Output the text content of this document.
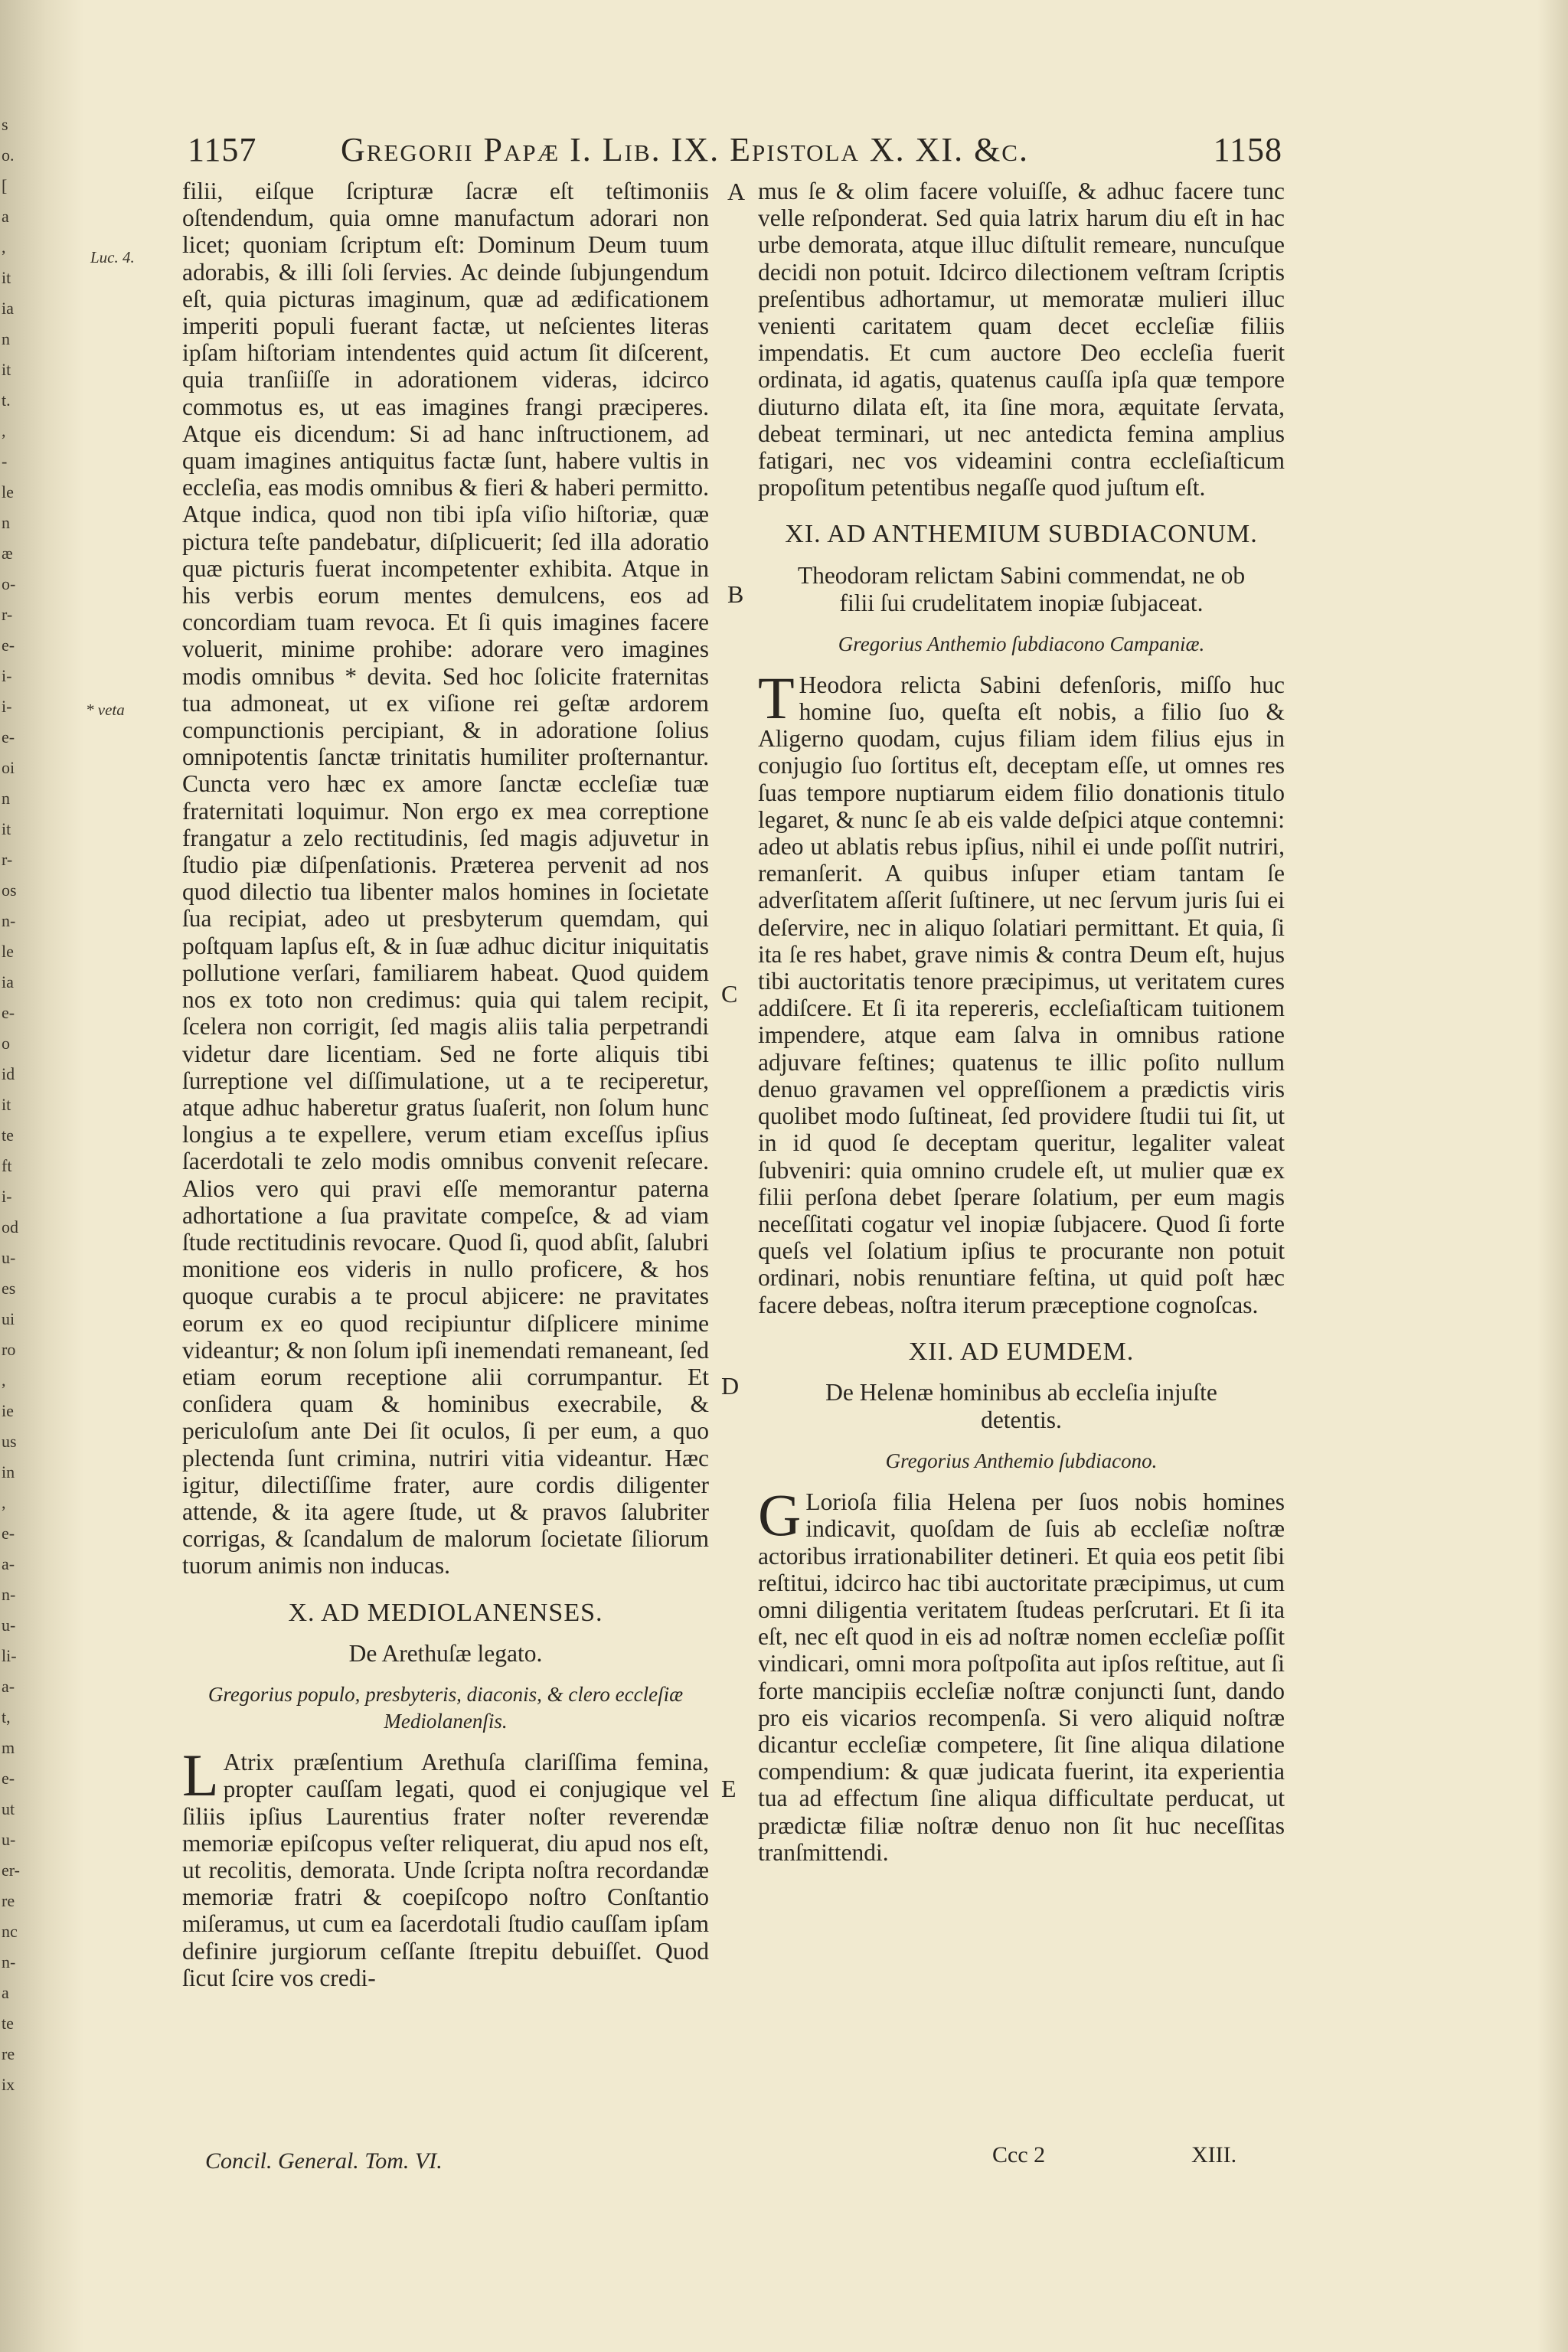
s
o.
[
a
,
it
ia
n
it
t.
,
-
le
n
æ
o-
r-
e-
i-
i-
e-
oi
n
it
r-
os
n-
le
ia
e-
o
id
it
te
ft
i-
od
u-
es
ui
ro
,
ie
us
in
,
e-
a-
n-
u-
li-
a-
t,
m
e-
ut
u-
er-
re
nc
n-
a
te
re
ix
1157 Gregorii Papæ I. Lib. IX. Epistola X. XI. &c.	1158
Luc. 4.
* veta
A
B
C
D
E

filii, eiſque ſcripturæ ſacræ eſt teſtimoniis oſtendendum, quia omne manufactum adorari non licet; quoniam ſcriptum eſt: Dominum Deum tuum adorabis, & illi ſoli ſervies. Ac deinde ſubjungendum eſt, quia picturas imaginum, quæ ad ædificationem imperiti populi fuerant factæ, ut neſcientes literas ipſam hiſtoriam intendentes quid actum ſit diſcerent, quia tranſiiſſe in adorationem videras, idcirco commotus es, ut eas imagines frangi præciperes. Atque eis dicendum: Si ad hanc inſtructionem, ad quam imagines antiquitus factæ ſunt, habere vultis in eccleſia, eas modis omnibus & fieri & haberi permitto. Atque indica, quod non tibi ipſa viſio hiſtoriæ, quæ pictura teſte pandebatur, diſplicuerit; ſed illa adoratio quæ picturis fuerat incompetenter exhibita. Atque in his verbis eorum mentes demulcens, eos ad concordiam tuam revoca. Et ſi quis imagines facere voluerit, minime prohibe: adorare vero imagines modis omnibus * devita. Sed hoc ſolicite fraternitas tua admoneat, ut ex viſione rei geſtæ ardorem compunctionis percipiant, & in adoratione ſolius omnipotentis ſanctæ trinitatis humiliter proſternantur. Cuncta vero hæc ex amore ſanctæ eccleſiæ tuæ fraternitati loquimur. Non ergo ex mea correptione frangatur a zelo rectitudinis, ſed magis adjuvetur in ſtudio piæ diſpenſationis. Præterea pervenit ad nos quod dilectio tua libenter malos homines in ſocietate ſua recipiat, adeo ut presbyterum quemdam, qui poſtquam lapſus eſt, & in ſuæ adhuc dicitur iniquitatis pollutione verſari, familiarem habeat. Quod quidem nos ex toto non credimus: quia qui talem recipit, ſcelera non corrigit, ſed magis aliis talia perpetrandi videtur dare licentiam. Sed ne forte aliquis tibi ſurreptione vel diſſimulatione, ut a te reciperetur, atque adhuc haberetur gratus ſuaſerit, non ſolum hunc longius a te expellere, verum etiam exceſſus ipſius ſacerdotali te zelo modis omnibus convenit reſecare. Alios vero qui pravi eſſe memorantur paterna adhortatione a ſua pravitate compeſce, & ad viam ſtude rectitudinis revocare. Quod ſi, quod abſit, ſalubri monitione eos videris in nullo proficere, & hos quoque curabis a te procul abjicere: ne pravitates eorum ex eo quod recipiuntur diſplicere minime videantur; & non ſolum ipſi inemendati remaneant, ſed etiam eorum receptione alii corrumpantur. Et conſidera quam & hominibus execrabile, & periculoſum ante Dei ſit oculos, ſi per eum, a quo plectenda ſunt crimina, nutriri vitia videantur. Hæc igitur, dilectiſſime frater, aure cordis diligenter attende, & ita agere ſtude, ut & pravos ſalubriter corrigas, & ſcandalum de malorum ſocietate ſiliorum tuorum animis non inducas.

X. AD MEDIOLANENSES.
De Arethuſæ legato.
Gregorius populo, presbyteris, diaconis, & clero eccleſiæ Mediolanenſis.

L Atrix præſentium Arethuſa clariſſima femina, propter cauſſam legati, quod ei conjugique vel ſiliis ipſius Laurentius frater noſter reverendæ memoriæ epiſcopus veſter reliquerat, diu apud nos eſt, ut recolitis, demorata. Unde ſcripta noſtra recordandæ memoriæ fratri & coepiſcopo noſtro Conſtantio miſeramus, ut cum ea ſacerdotali ſtudio cauſſam ipſam definire jurgiorum ceſſante ſtrepitu debuiſſet. Quod ſicut ſcire vos credi-

Concil. General. Tom. VI.

mus ſe & olim facere voluiſſe, & adhuc facere tunc velle reſponderat. Sed quia latrix harum diu eſt in hac urbe demorata, atque illuc diſtulit remeare, nuncuſque decidi non potuit. Idcirco dilectionem veſtram ſcriptis preſentibus adhortamur, ut memoratæ mulieri illuc venienti caritatem quam decet eccleſiæ filiis impendatis. Et cum auctore Deo eccleſia fuerit ordinata, id agatis, quatenus cauſſa ipſa quæ tempore diuturno dilata eſt, ita ſine mora, æquitate ſervata, debeat terminari, ut nec antedicta femina amplius fatigari, nec vos videamini contra eccleſiaſticum propoſitum petentibus negaſſe quod juſtum eſt.

XI. AD ANTHEMIUM SUBDIACONUM.
Theodoram relictam Sabini commendat, ne ob filii ſui crudelitatem inopiæ ſubjaceat.
Gregorius Anthemio ſubdiacono Campaniæ.

T Heodora relicta Sabini defenſoris, miſſo huc homine ſuo, queſta eſt nobis, a filio ſuo & Aligerno quodam, cujus filiam idem filius ejus in conjugio ſuo ſortitus eſt, deceptam eſſe, ut omnes res ſuas tempore nuptiarum eidem filio donationis titulo legaret, & nunc ſe ab eis valde deſpici atque contemni: adeo ut ablatis rebus ipſius, nihil ei unde poſſit nutriri, remanſerit. A quibus inſuper etiam tantam ſe adverſitatem aſſerit ſuſtinere, ut nec ſervum juris ſui ei deſervire, nec in aliquo ſolatiari permittant. Et quia, ſi ita ſe res habet, grave nimis & contra Deum eſt, hujus tibi auctoritatis tenore præcipimus, ut veritatem cures addiſcere. Et ſi ita repereris, eccleſiaſticam tuitionem impendere, atque eam ſalva in omnibus ratione adjuvare feſtines; quatenus te illic poſito nullum denuo gravamen vel oppreſſionem a prædictis viris quolibet modo ſuſtineat, ſed providere ſtudii tui ſit, ut in id quod ſe deceptam queritur, legaliter valeat ſubveniri: quia omnino crudele eſt, ut mulier quæ ex filii perſona debet ſperare ſolatium, per eum magis neceſſitati cogatur vel inopiæ ſubjacere. Quod ſi forte queſs vel ſolatium ipſius te procurante non potuit ordinari, nobis renuntiare feſtina, ut quid poſt hæc facere debeas, noſtra iterum præceptione cognoſcas.

XII. AD EUMDEM.
De Helenæ hominibus ab eccleſia injuſte detentis.
Gregorius Anthemio ſubdiacono.

G Lorioſa filia Helena per ſuos nobis homines indicavit, quoſdam de ſuis ab eccleſiæ noſtræ actoribus irrationabiliter detineri. Et quia eos petit ſibi reſtitui, idcirco hac tibi auctoritate præcipimus, ut cum omni diligentia veritatem ſtudeas perſcrutari. Et ſi ita eſt, nec eſt quod in eis ad noſtræ nomen eccleſiæ poſſit vindicari, omni mora poſtpoſita aut ipſos reſtitue, aut ſi forte mancipiis eccleſiæ noſtræ conjuncti ſunt, dando pro eis vicarios recompenſa. Si vero aliquid noſtræ dicantur eccleſiæ competere, ſit ſine aliqua dilatione compendium: & quæ judicata fuerint, ita experientia tua ad effectum ſine aliqua difficultate perducat, ut prædictæ filiæ noſtræ denuo non ſit huc neceſſitas tranſmittendi.

Ccc 2	XIII.
